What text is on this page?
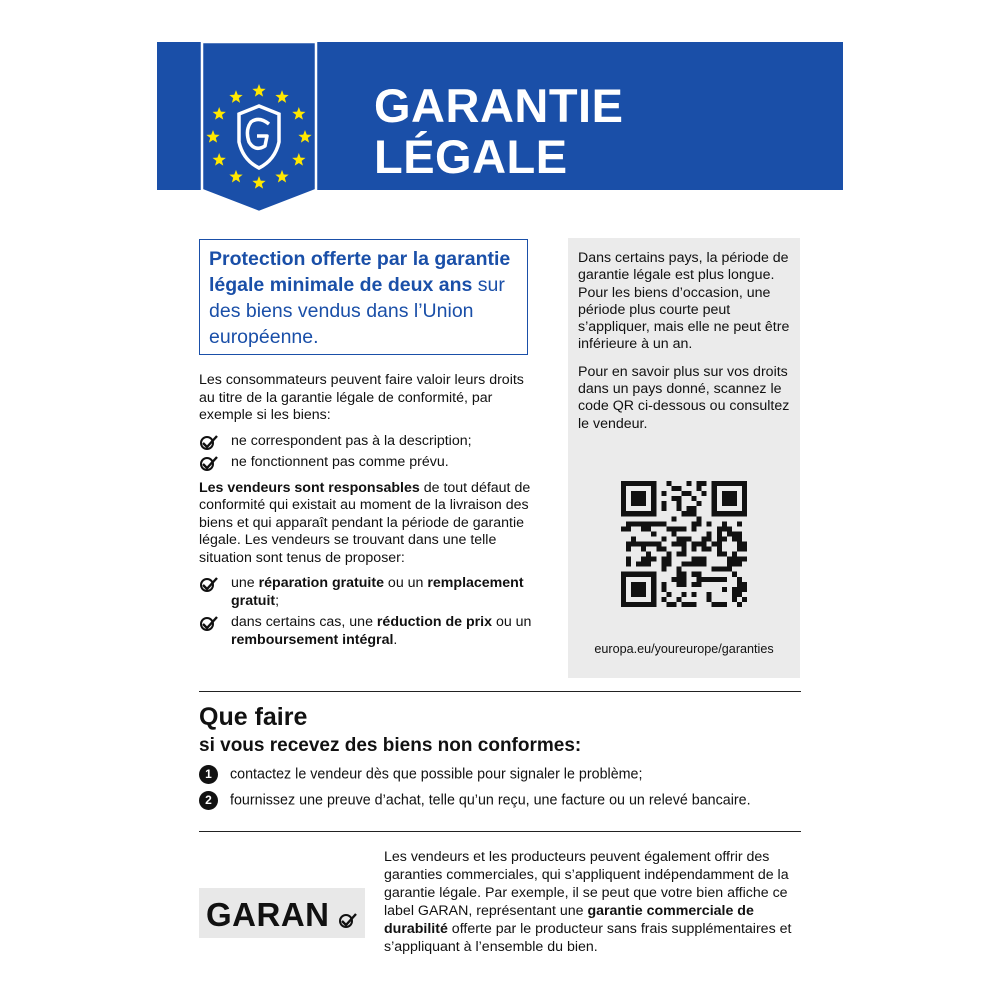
GARANTIE
LÉGALE
Protection offerte par la garantie légale minimale de deux ans sur des biens vendus dans l’Union européenne.

Les consommateurs peuvent faire valoir leurs droits au titre de la garantie légale de conformité, par exemple si les biens:

ne correspondent pas à la description;
ne fonctionnent pas comme prévu.

Les vendeurs sont responsables de tout défaut de conformité qui existait au moment de la livraison des biens et qui apparaît pendant la période de garantie légale. Les vendeurs se trouvant dans une telle situation sont tenus de proposer:

une réparation gratuite ou un remplacement gratuit;
dans certains cas, une réduction de prix ou un remboursement intégral.

Dans certains pays, la période de garantie légale est plus longue. Pour les biens d’occasion, une période plus courte peut s’appliquer, mais elle ne peut être inférieure à un an.

Pour en savoir plus sur vos droits dans un pays donné, scannez le code QR ci-dessous ou consultez le vendeur.

europa.eu/youreurope/garanties
Que faire
si vous recevez des biens non conformes:
1 contactez le vendeur dès que possible pour signaler le problème;
2 fournissez une preuve d’achat, telle qu’un reçu, une facture ou un relevé bancaire.
GARAN
Les vendeurs et les producteurs peuvent également offrir des garanties commerciales, qui s’appliquent indépendamment de la garantie légale. Par exemple, il se peut que votre bien affiche ce label GARAN, représentant une garantie commerciale de durabilité offerte par le producteur sans frais supplémentaires et s’appliquant à l’ensemble du bien.
